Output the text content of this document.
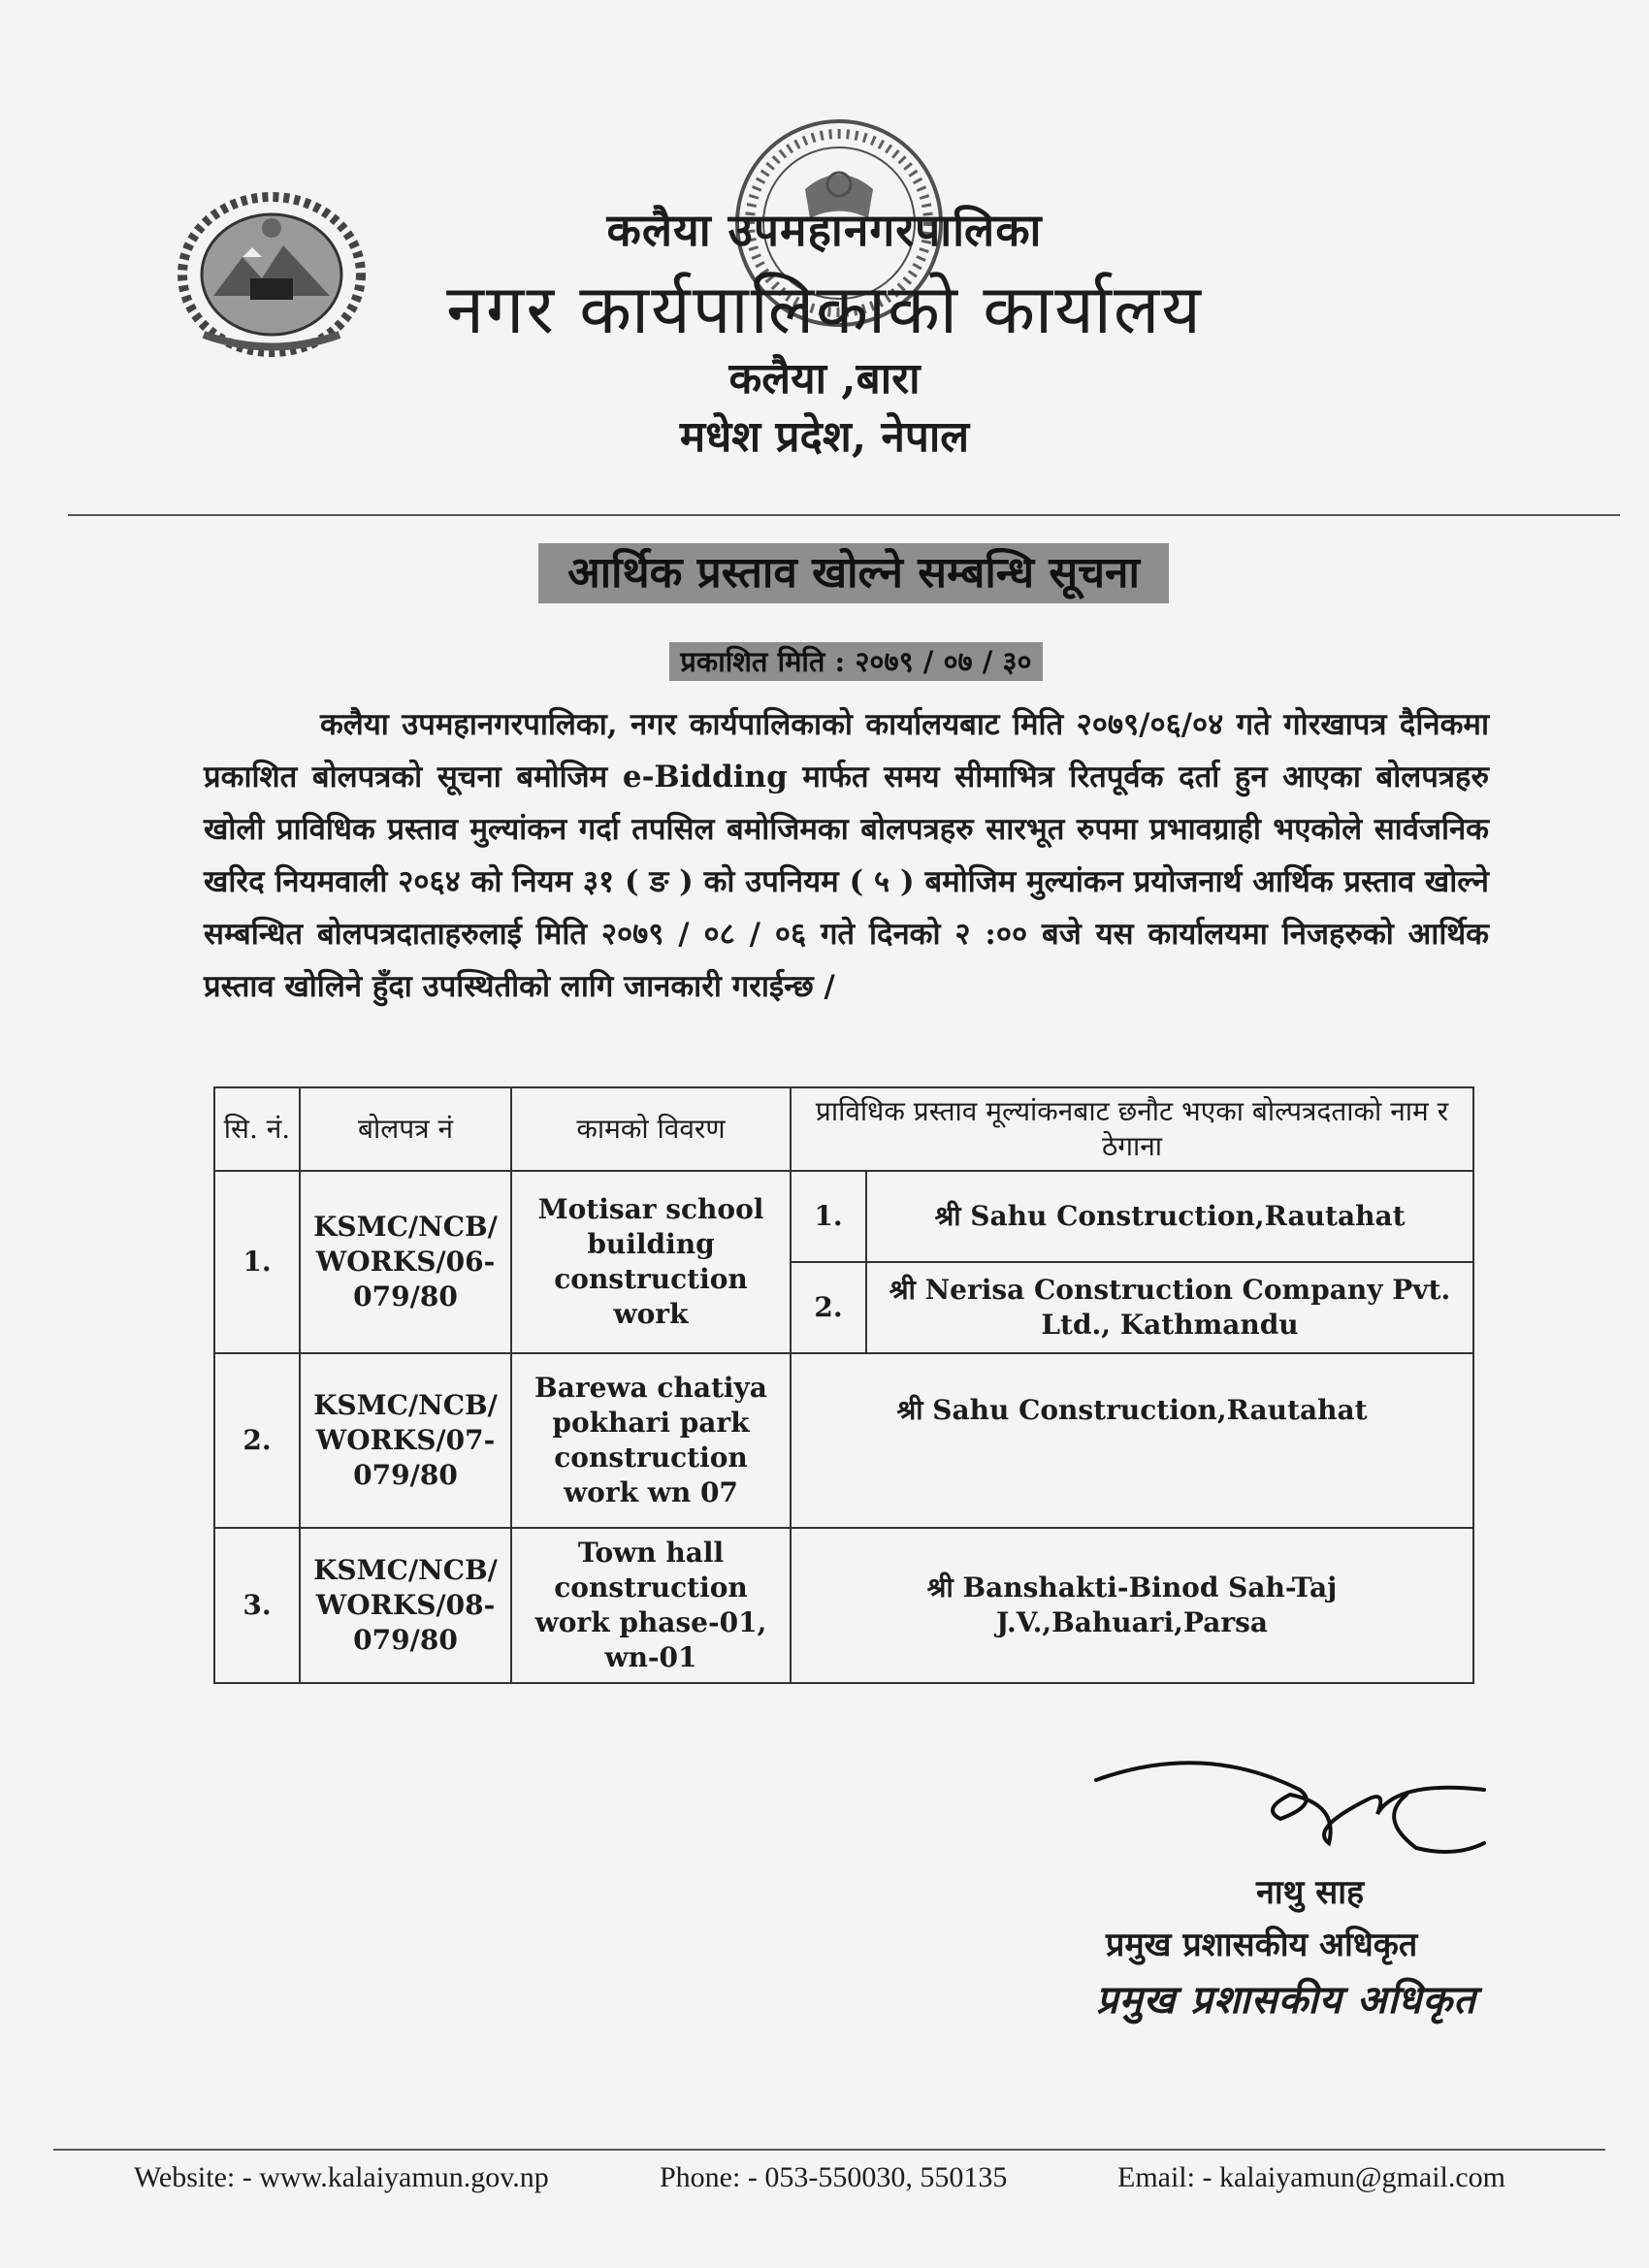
कलैया उपमहानगरपालिका
नगर कार्यपालिकाको कार्यालय
कलैया ,बारा
मधेश प्रदेश, नेपाल
आर्थिक प्रस्ताव खोल्ने सम्बन्धि सूचना
प्रकाशित मिति : २०७९ / ०७ / ३०
कलैया उपमहानगरपालिका, नगर कार्यपालिकाको कार्यालयबाट मिति २०७९/०६/०४ गते गोरखापत्र दैनिकमा प्रकाशित बोलपत्रको सूचना बमोजिम e-Bidding मार्फत समय सीमाभित्र रितपूर्वक दर्ता हुन आएका बोलपत्रहरु खोली प्राविधिक प्रस्ताव मुल्यांकन गर्दा तपसिल बमोजिमका बोलपत्रहरु सारभूत रुपमा प्रभावग्राही भएकोले सार्वजनिक खरिद नियमवाली २०६४ को नियम ३१ ( ङ ) को उपनियम ( ५ ) बमोजिम मुल्यांकन प्रयोजनार्थ आर्थिक प्रस्ताव खोल्ने सम्बन्धित बोलपत्रदाताहरुलाई मिति २०७९ / ०८ / ०६ गते दिनको २ :०० बजे यस कार्यालयमा निजहरुको आर्थिक प्रस्ताव खोलिने हुँदा उपस्थितीको लागि जानकारी गराईन्छ /
सि. नं.	बोलपत्र नं	कामको विवरण	प्राविधिक प्रस्ताव मूल्यांकनबाट छनौट भएका बोल्पत्रदताको नाम र ठेगाना
1.	KSMC/NCB/ WORKS/06- 079/80	Motisar school building construction work	
1.	श्री Sahu Construction,Rautahat
2.	श्री Nerisa Construction Company Pvt. Ltd., Kathmandu

2.	KSMC/NCB/ WORKS/07- 079/80	Barewa chatiya pokhari park construction work wn 07	श्री Sahu Construction,Rautahat
3.	KSMC/NCB/ WORKS/08- 079/80	Town hall construction work phase-01, wn-01	श्री Banshakti-Binod Sah-Taj J.V.,Bahuari,Parsa
नाथु साह
प्रमुख प्रशासकीय अधिकृत
प्रमुख प्रशासकीय अधिकृत
Website: - www.kalaiyamun.gov.np	Phone: - 053-550030, 550135	Email: - kalaiyamun@gmail.com
